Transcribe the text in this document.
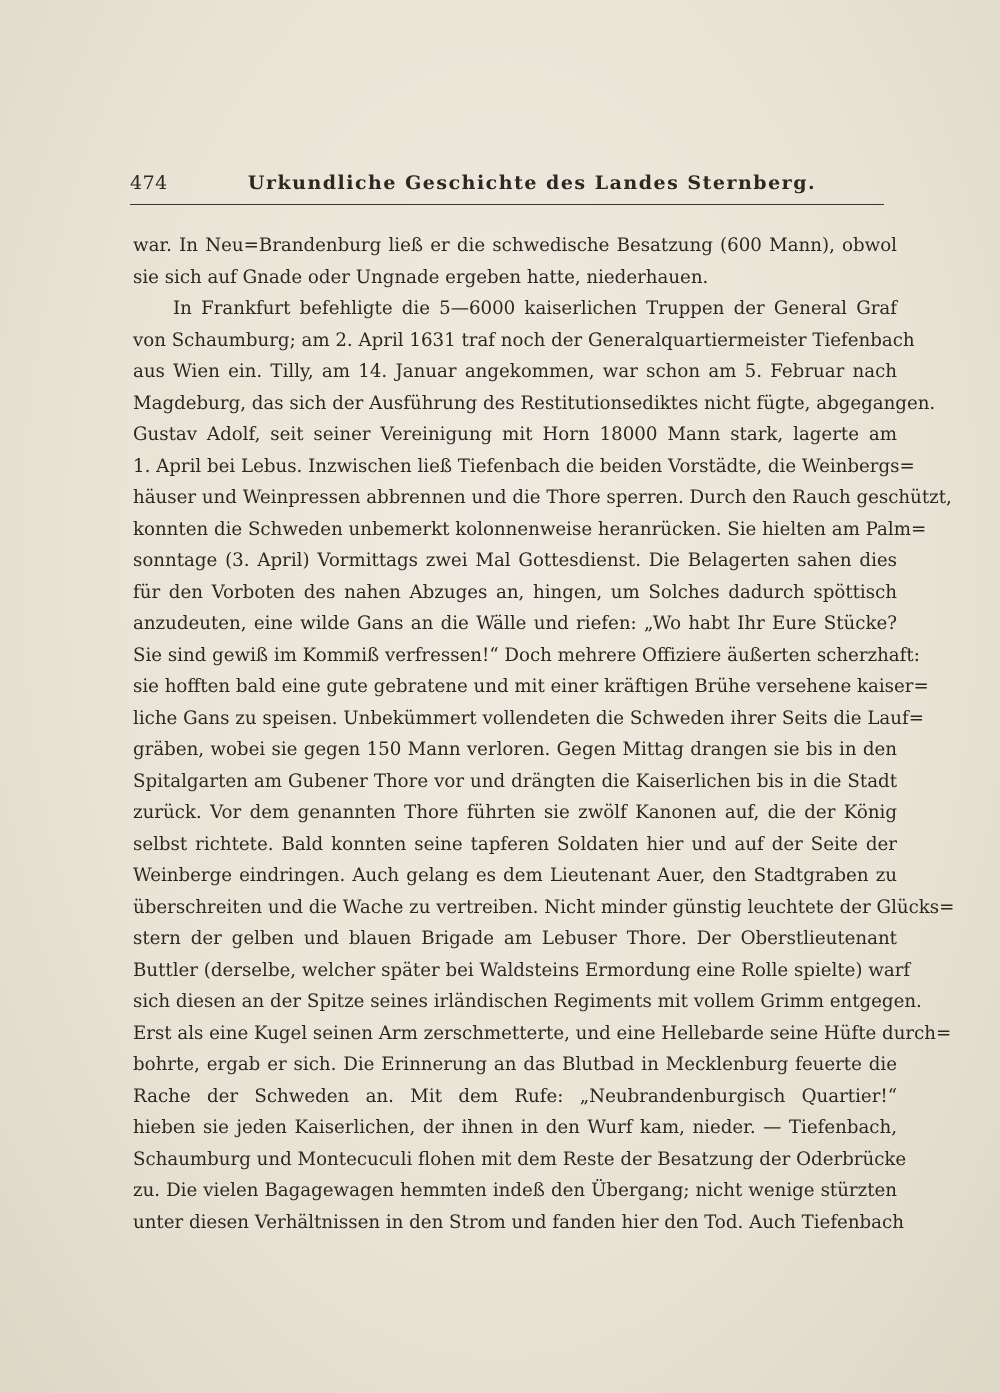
474	Urkundliche Geschichte des Landes Sternberg.
war. In Neu=Brandenburg ließ er die schwedische Besatzung (600 Mann), obwol
sie sich auf Gnade oder Ungnade ergeben hatte, niederhauen.
In Frankfurt befehligte die 5—6000 kaiserlichen Truppen der General Graf
von Schaumburg; am 2. April 1631 traf noch der Generalquartiermeister Tiefenbach
aus Wien ein. Tilly, am 14. Januar angekommen, war schon am 5. Februar nach
Magdeburg, das sich der Ausführung des Restitutionsediktes nicht fügte, abgegangen.
Gustav Adolf, seit seiner Vereinigung mit Horn 18000 Mann stark, lagerte am
1. April bei Lebus. Inzwischen ließ Tiefenbach die beiden Vorstädte, die Weinbergs=
häuser und Weinpressen abbrennen und die Thore sperren. Durch den Rauch geschützt,
konnten die Schweden unbemerkt kolonnenweise heranrücken. Sie hielten am Palm=
sonntage (3. April) Vormittags zwei Mal Gottesdienst. Die Belagerten sahen dies
für den Vorboten des nahen Abzuges an, hingen, um Solches dadurch spöttisch
anzudeuten, eine wilde Gans an die Wälle und riefen: „Wo habt Ihr Eure Stücke?
Sie sind gewiß im Kommiß verfressen!“ Doch mehrere Offiziere äußerten scherzhaft:
sie hofften bald eine gute gebratene und mit einer kräftigen Brühe versehene kaiser=
liche Gans zu speisen. Unbekümmert vollendeten die Schweden ihrer Seits die Lauf=
gräben, wobei sie gegen 150 Mann verloren. Gegen Mittag drangen sie bis in den
Spitalgarten am Gubener Thore vor und drängten die Kaiserlichen bis in die Stadt
zurück. Vor dem genannten Thore führten sie zwölf Kanonen auf, die der König
selbst richtete. Bald konnten seine tapferen Soldaten hier und auf der Seite der
Weinberge eindringen. Auch gelang es dem Lieutenant Auer, den Stadtgraben zu
überschreiten und die Wache zu vertreiben. Nicht minder günstig leuchtete der Glücks=
stern der gelben und blauen Brigade am Lebuser Thore. Der Oberstlieutenant
Buttler (derselbe, welcher später bei Waldsteins Ermordung eine Rolle spielte) warf
sich diesen an der Spitze seines irländischen Regiments mit vollem Grimm entgegen.
Erst als eine Kugel seinen Arm zerschmetterte, und eine Hellebarde seine Hüfte durch=
bohrte, ergab er sich. Die Erinnerung an das Blutbad in Mecklenburg feuerte die
Rache der Schweden an. Mit dem Rufe: „Neubrandenburgisch Quartier!“
hieben sie jeden Kaiserlichen, der ihnen in den Wurf kam, nieder. — Tiefenbach,
Schaumburg und Montecuculi flohen mit dem Reste der Besatzung der Oderbrücke
zu. Die vielen Bagagewagen hemmten indeß den Übergang; nicht wenige stürzten
unter diesen Verhältnissen in den Strom und fanden hier den Tod. Auch Tiefenbach
